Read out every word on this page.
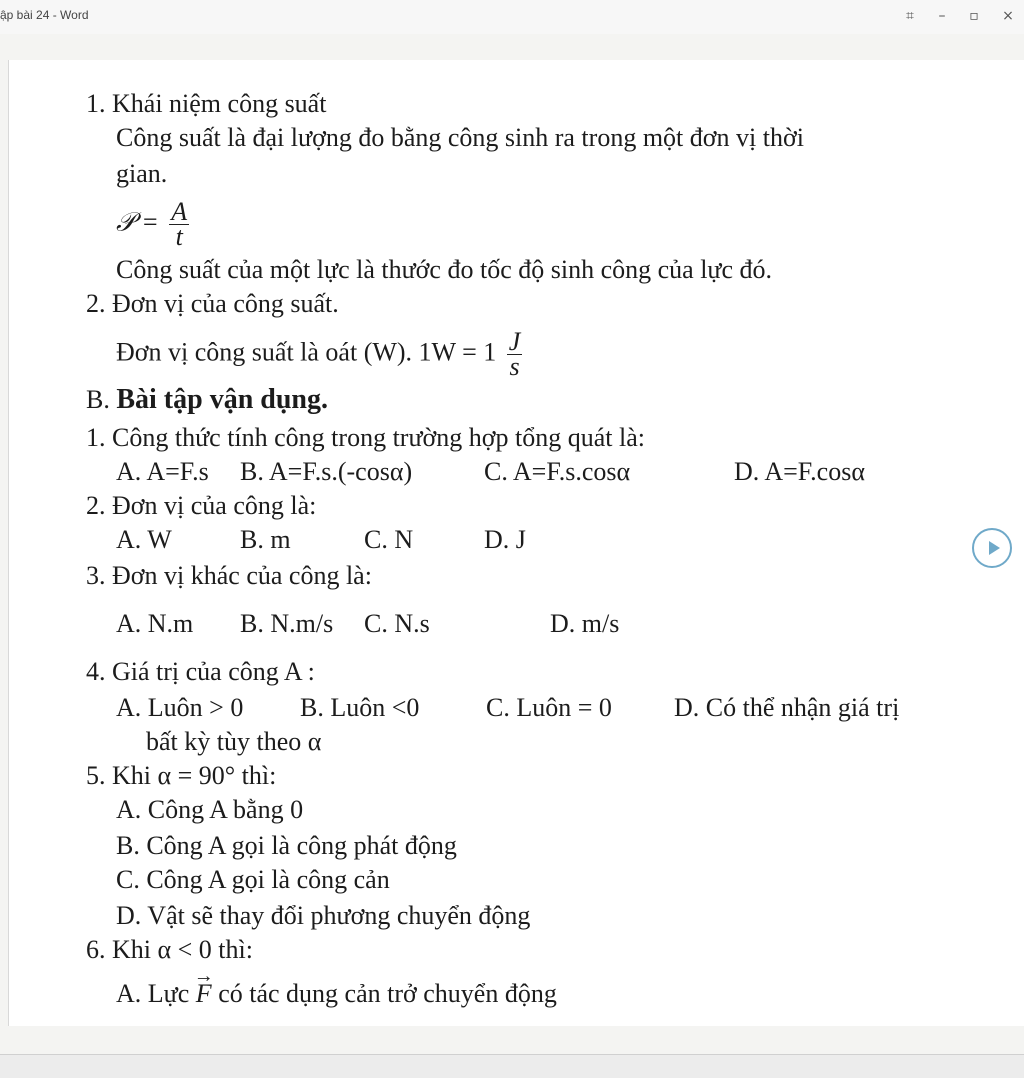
ập bài 24 - Word	⌗	–	▫	×
1. Khái niệm công suất
Công suất là đại lượng đo bằng công sinh ra trong một đơn vị thời
gian.
𝒫 = $\frac{A}{t}$
Công suất của một lực là thước đo tốc độ sinh công của lực đó.
2. Đơn vị của công suất.
Đơn vị công suất là oát (W). $1W = 1 \frac{J}{s}$
B. Bài tập vận dụng.
1. Công thức tính công trong trường hợp tổng quát là:
A. A=F.s B. A=F.s.(-cosα)	C. A=F.s.cosα	D. A=F.cosα
2. Đơn vị của công là:
A. W	B. m	C. N	D. J
3. Đơn vị khác của công là:
A. N.m B. N.m/s C. N.s	D. m/s
4. Giá trị của công A :
A. Luôn > 0 B. Luôn <0	C. Luôn = 0 D. Có thể nhận giá trị
bất kỳ tùy theo α
5. Khi α = 90° thì:
A. Công A bằng 0
B. Công A gọi là công phát động
C. Công A gọi là công cản
D. Vật sẽ thay đổi phương chuyển động
6. Khi α < 0 thì:
A. Lực → F có tác dụng cản trở chuyển động
